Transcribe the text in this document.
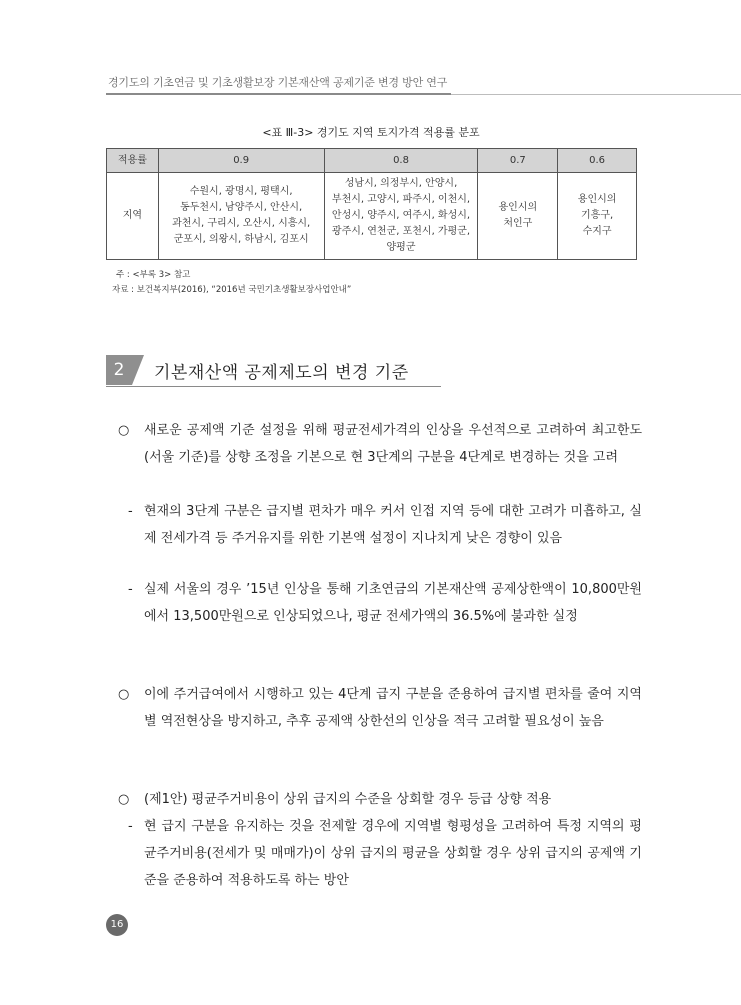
경기도의 기초연금 및 기초생활보장 기본재산액 공제기준 변경 방안 연구
<표 Ⅲ-3> 경기도 지역 토지가격 적용률 분포
적용률	0.9	0.8	0.7	0.6
지역	수원시, 광명시, 평택시,
동두천시, 남양주시, 안산시,
과천시, 구리시, 오산시, 시흥시,
군포시, 의왕시, 하남시, 김포시	성남시, 의정부시, 안양시,
부천시, 고양시, 파주시, 이천시,
안성시, 양주시, 여주시, 화성시,
광주시, 연천군, 포천시, 가평군,
양평군	용인시의
처인구	용인시의
기흥구,
수지구
주 : <부록 3> 참고
자료 : 보건복지부(2016), “2016년 국민기초생활보장사업안내”
2	기본재산액 공제제도의 변경 기준
○	새로운 공제액 기준 설정을 위해 평균전세가격의 인상을 우선적으로 고려하여 최고한도(서울 기준)를 상향 조정을 기본으로 현 3단계의 구분을 4단계로 변경하는 것을 고려
- 현재의 3단계 구분은 급지별 편차가 매우 커서 인접 지역 등에 대한 고려가 미흡하고, 실제 전세가격 등 주거유지를 위한 기본액 설정이 지나치게 낮은 경향이 있음
- 실제 서울의 경우 ’15년 인상을 통해 기초연금의 기본재산액 공제상한액이 10,800만원에서 13,500만원으로 인상되었으나, 평균 전세가액의 36.5%에 불과한 실정
○	이에 주거급여에서 시행하고 있는 4단계 급지 구분을 준용하여 급지별 편차를 줄여 지역별 역전현상을 방지하고, 추후 공제액 상한선의 인상을 적극 고려할 필요성이 높음
○	(제1안) 평균주거비용이 상위 급지의 수준을 상회할 경우 등급 상향 적용
- 현 급지 구분을 유지하는 것을 전제할 경우에 지역별 형평성을 고려하여 특정 지역의 평균주거비용(전세가 및 매매가)이 상위 급지의 평균을 상회할 경우 상위 급지의 공제액 기준을 준용하여 적용하도록 하는 방안
16
